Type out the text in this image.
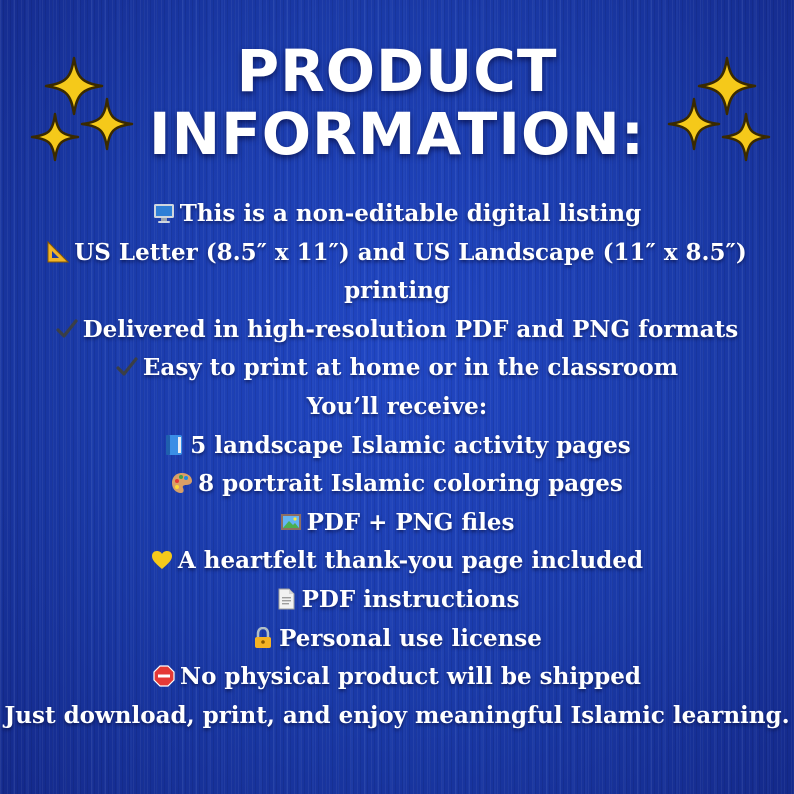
PRODUCT
INFORMATION:
This is a non-editable digital listing
US Letter (8.5″ x 11″) and US Landscape (11″ x 8.5″) printing
Delivered in high-resolution PDF and PNG formats
Easy to print at home or in the classroom
You’ll receive:
5 landscape Islamic activity pages
8 portrait Islamic coloring pages
PDF + PNG files
A heartfelt thank-you page included
PDF instructions
Personal use license
No physical product will be shipped
Just download, print, and enjoy meaningful Islamic learning.
